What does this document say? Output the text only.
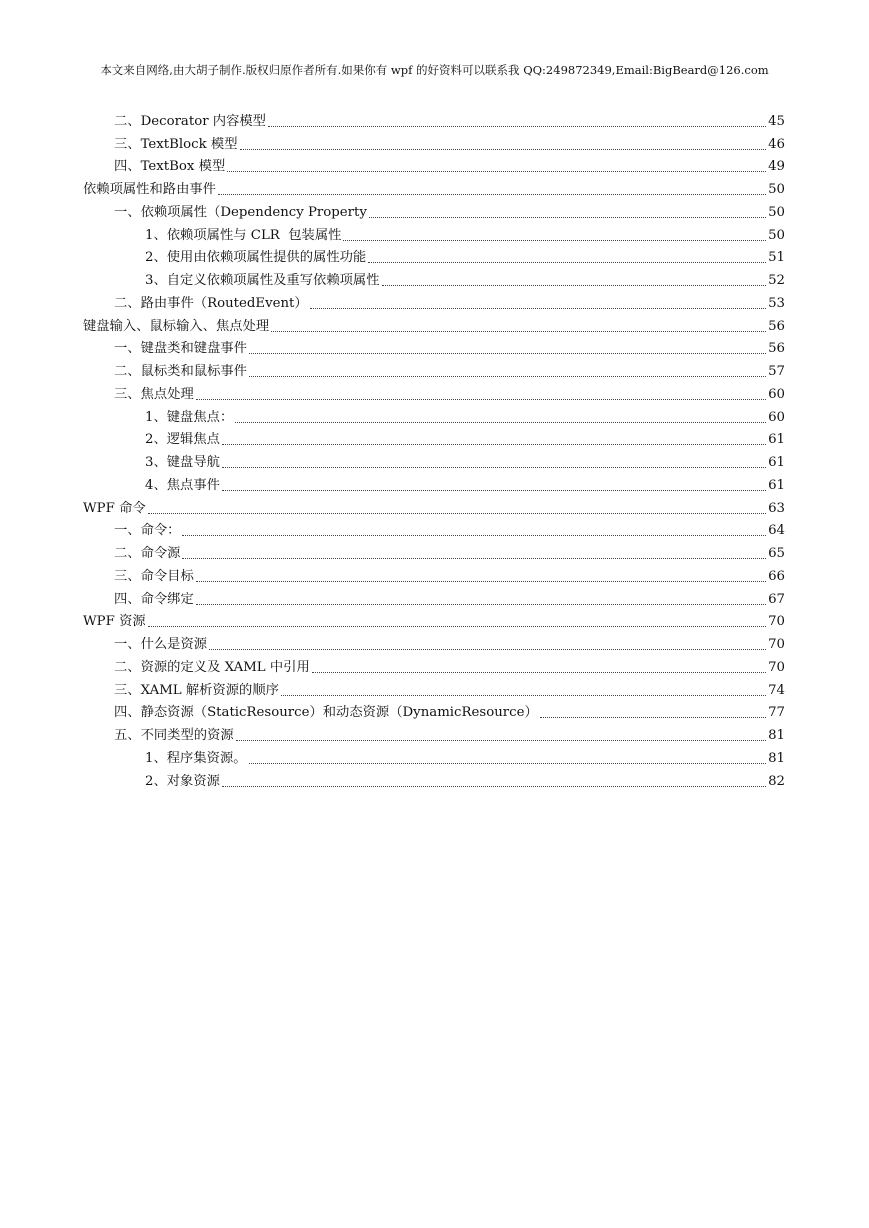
本文来自网络,由大胡子制作.版权归原作者所有.如果你有 wpf 的好资料可以联系我 QQ:249872349,Email:BigBeard@126.com
二、Decorator 内容模型	45
三、TextBlock 模型	46
四、TextBox 模型	49
依赖项属性和路由事件	50
一、依赖项属性（Dependency Property	50
1、依赖项属性与 CLR  包装属性	50
2、使用由依赖项属性提供的属性功能	51
3、自定义依赖项属性及重写依赖项属性	52
二、路由事件（RoutedEvent）	53
键盘输入、鼠标输入、焦点处理	56
一、键盘类和键盘事件	56
二、鼠标类和鼠标事件	57
三、焦点处理	60
1、键盘焦点：	60
2、逻辑焦点	61
3、键盘导航	61
4、焦点事件	61
WPF 命令	63
一、命令：	64
二、命令源	65
三、命令目标	66
四、命令绑定	67
WPF 资源	70
一、什么是资源	70
二、资源的定义及 XAML 中引用	70
三、XAML 解析资源的顺序	74
四、静态资源（StaticResource）和动态资源（DynamicResource）	77
五、不同类型的资源	81
1、程序集资源。	81
2、对象资源	82
